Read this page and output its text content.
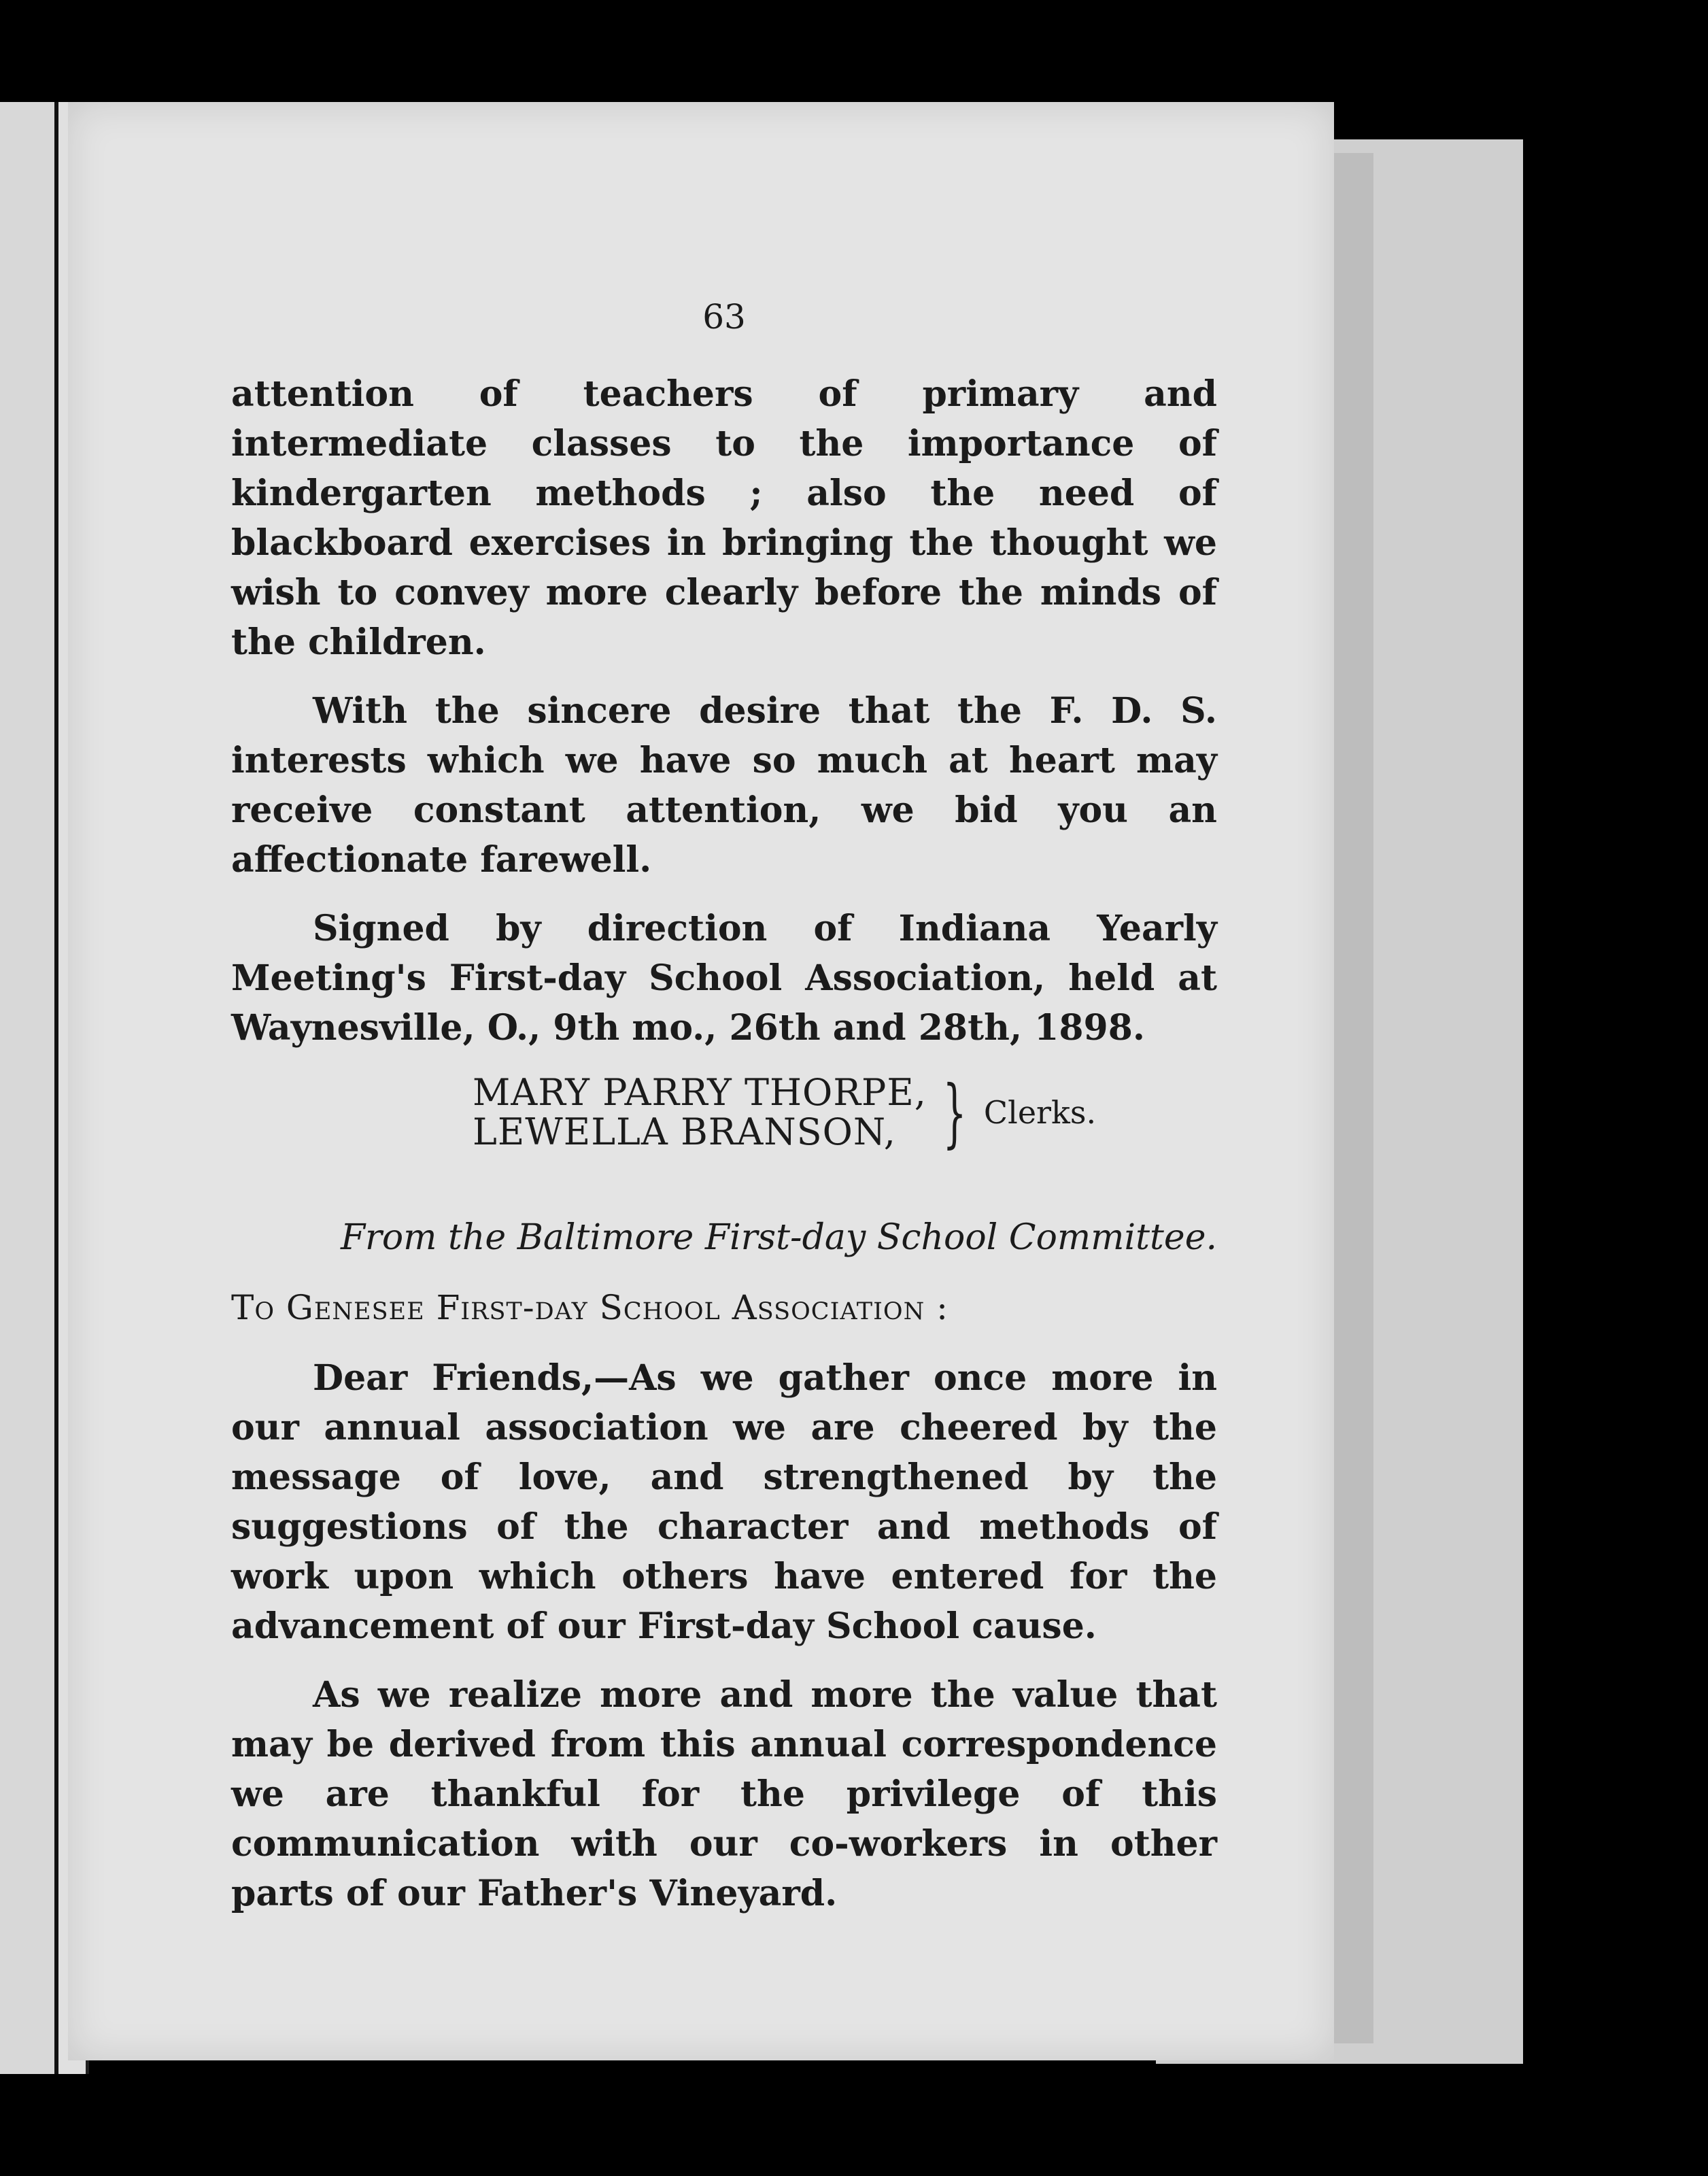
63

attention of teachers of primary and intermediate classes to the importance of kindergarten methods ; also the need of blackboard exercises in bringing the thought we wish to convey more clearly before the minds of the children.

With the sincere desire that the F. D. S. interests which we have so much at heart may receive constant attention, we bid you an affectionate farewell.

Signed by direction of Indiana Yearly Meeting's First-day School Association, held at Waynesville, O., 9th mo., 26th and 28th, 1898.

MARY PARRY THORPE,
LEWELLA BRANSON, } Clerks.
From the Baltimore First-day School Committee.
To Genesee First-day School Association :

Dear Friends,—As we gather once more in our annual association we are cheered by the message of love, and strengthened by the suggestions of the character and methods of work upon which others have entered for the advancement of our First-day School cause.

As we realize more and more the value that may be derived from this annual correspondence we are thankful for the privilege of this communication with our co-workers in other parts of our Father's Vineyard.
